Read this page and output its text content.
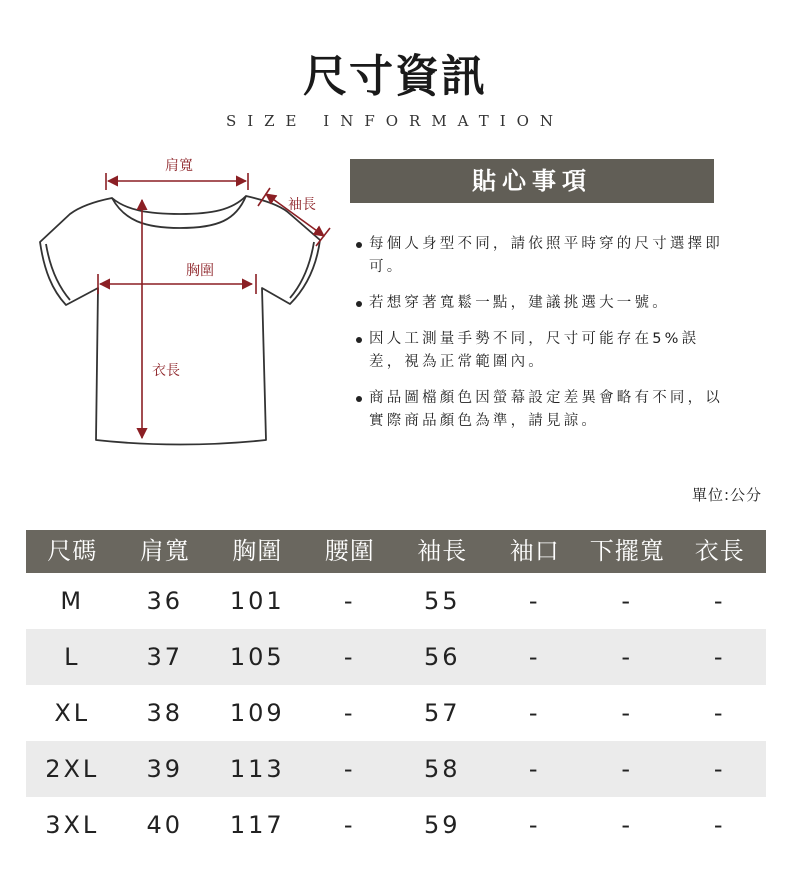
尺寸資訊
SIZE INFORMATION
肩寬
袖長
胸圍
衣長
貼心事項
每個人身型不同，請依照平時穿的尺寸選擇即可。
若想穿著寬鬆一點，建議挑選大一號。
因人工測量手勢不同，尺寸可能存在5%誤差，視為正常範圍內。
商品圖檔顏色因螢幕設定差異會略有不同，以實際商品顏色為準，請見諒。
單位:公分
尺碼	肩寬	胸圍	腰圍	袖長	袖口	下擺寬	衣長
M	36	101	-	55	-	-	-
L	37	105	-	56	-	-	-
XL	38	109	-	57	-	-	-
2XL	39	113	-	58	-	-	-
3XL	40	117	-	59	-	-	-
